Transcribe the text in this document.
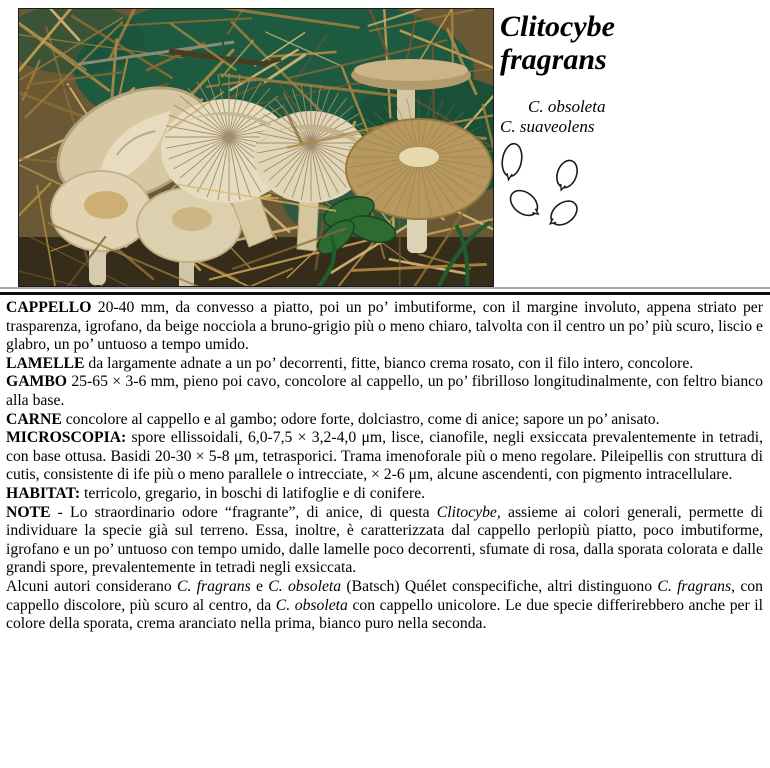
Clitocybe
fragrans
C. obsoleta
C. suaveolens

CAPPELLO 20-40 mm, da convesso a piatto, poi un po’ imbutiforme, con il margine involuto, appena striato per trasparenza, igrofano, da beige nocciola a bruno-grigio più o meno chiaro, talvolta con il centro un po’ più scuro, liscio e glabro, un po’ untuoso a tempo umido.

LAMELLE da largamente adnate a un po’ decorrenti, fitte, bianco crema rosato, con il filo intero, concolore.

GAMBO 25-65 × 3-6 mm, pieno poi cavo, concolore al cappello, un po’ fibrilloso longitudinalmente, con feltro bianco alla base.

CARNE concolore al cappello e al gambo; odore forte, dolciastro, come di anice; sapore un po’ anisato.

MICROSCOPIA: spore ellissoidali, 6,0-7,5 × 3,2-4,0 μm, lisce, cianofile, negli exsiccata prevalentemente in tetradi, con base ottusa. Basidi 20-30 × 5-8 μm, tetrasporici. Trama imenoforale più o meno regolare. Pileipellis con struttura di cutis, consistente di ife più o meno parallele o intrecciate, × 2-6 μm, alcune ascendenti, con pigmento intracellulare.

HABITAT: terricolo, gregario, in boschi di latifoglie e di conifere.

NOTE - Lo straordinario odore “fragrante”, di anice, di questa Clitocybe, assieme ai colori generali, permette di individuare la specie già sul terreno. Essa, inoltre, è caratterizzata dal cappello perlopiù piatto, poco imbutiforme, igrofano e un po’ untuoso con tempo umido, dalle lamelle poco decorrenti, sfumate di rosa, dalla sporata colorata e dalle grandi spore, prevalentemente in tetradi negli exsiccata.

Alcuni autori considerano C. fragrans e C. obsoleta (Batsch) Quélet conspecifiche, altri distinguono C. fragrans, con cappello discolore, più scuro al centro, da C. obsoleta con cappello unicolore. Le due specie differirebbero anche per il colore della sporata, crema aranciato nella prima, bianco puro nella seconda.
